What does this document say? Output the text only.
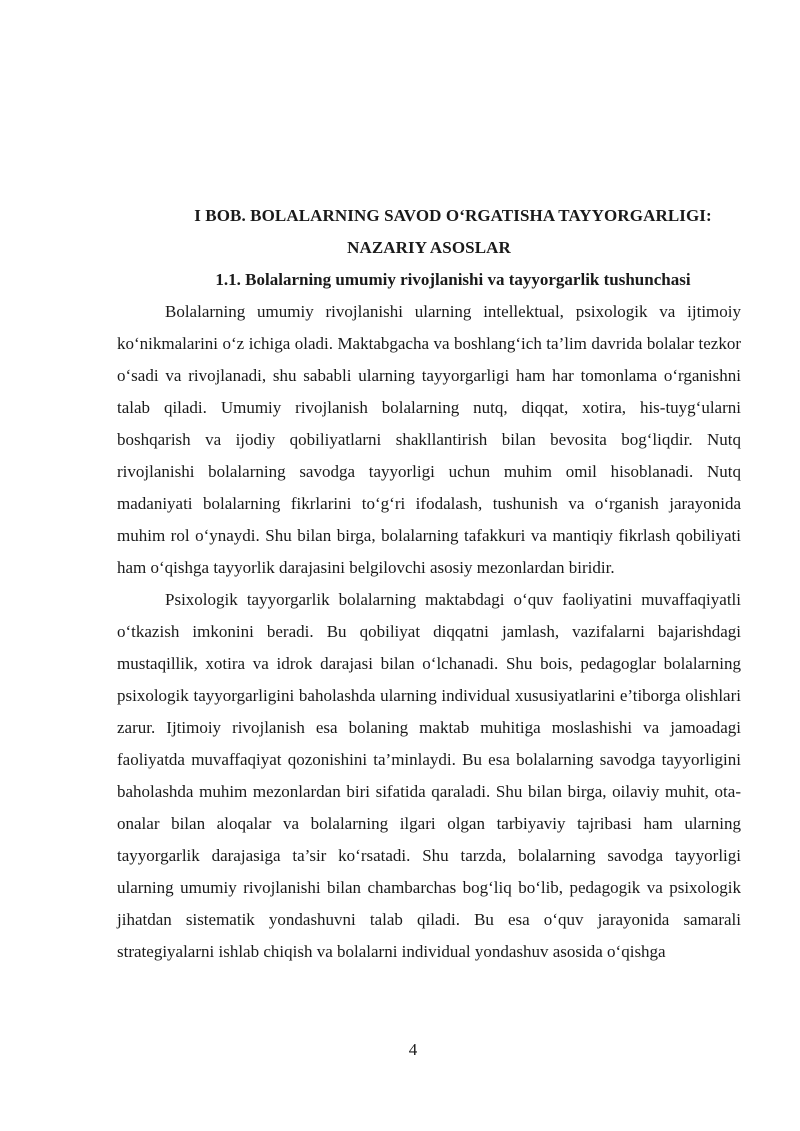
I BOB. BOLALARNING SAVOD O‘RGATISHA TAYYORGARLIGI:
NAZARIY ASOSLAR
1.1. Bolalarning umumiy rivojlanishi va tayyorgarlik tushunchasi

Bolalarning umumiy rivojlanishi ularning intellektual, psixologik va ijtimoiy ko‘nikmalarini o‘z ichiga oladi. Maktabgacha va boshlang‘ich ta’lim davrida bolalar tezkor o‘sadi va rivojlanadi, shu sababli ularning tayyorgarligi ham har tomonlama o‘rganishni talab qiladi. Umumiy rivojlanish bolalarning nutq, diqqat, xotira, his-tuyg‘ularni boshqarish va ijodiy qobiliyatlarni shakllantirish bilan bevosita bog‘liqdir. Nutq rivojlanishi bolalarning savodga tayyorligi uchun muhim omil hisoblanadi. Nutq madaniyati bolalarning fikrlarini to‘g‘ri ifodalash, tushunish va o‘rganish jarayonida muhim rol o‘ynaydi. Shu bilan birga, bolalarning tafakkuri va mantiqiy fikrlash qobiliyati ham o‘qishga tayyorlik darajasini belgilovchi asosiy mezonlardan biridir.

Psixologik tayyorgarlik bolalarning maktabdagi o‘quv faoliyatini muvaffaqiyatli o‘tkazish imkonini beradi. Bu qobiliyat diqqatni jamlash, vazifalarni bajarishdagi mustaqillik, xotira va idrok darajasi bilan o‘lchanadi. Shu bois, pedagoglar bolalarning psixologik tayyorgarligini baholashda ularning individual xususiyatlarini e’tiborga olishlari zarur. Ijtimoiy rivojlanish esa bolaning maktab muhitiga moslashishi va jamoadagi faoliyatda muvaffaqiyat qozonishini ta’minlaydi. Bu esa bolalarning savodga tayyorligini baholashda muhim mezonlardan biri sifatida qaraladi. Shu bilan birga, oilaviy muhit, ota-onalar bilan aloqalar va bolalarning ilgari olgan tarbiyaviy tajribasi ham ularning tayyorgarlik darajasiga ta’sir ko‘rsatadi. Shu tarzda, bolalarning savodga tayyorligi ularning umumiy rivojlanishi bilan chambarchas bog‘liq bo‘lib, pedagogik va psixologik jihatdan sistematik yondashuvni talab qiladi. Bu esa o‘quv jarayonida samarali strategiyalarni ishlab chiqish va bolalarni individual yondashuv asosida o‘qishga

4
